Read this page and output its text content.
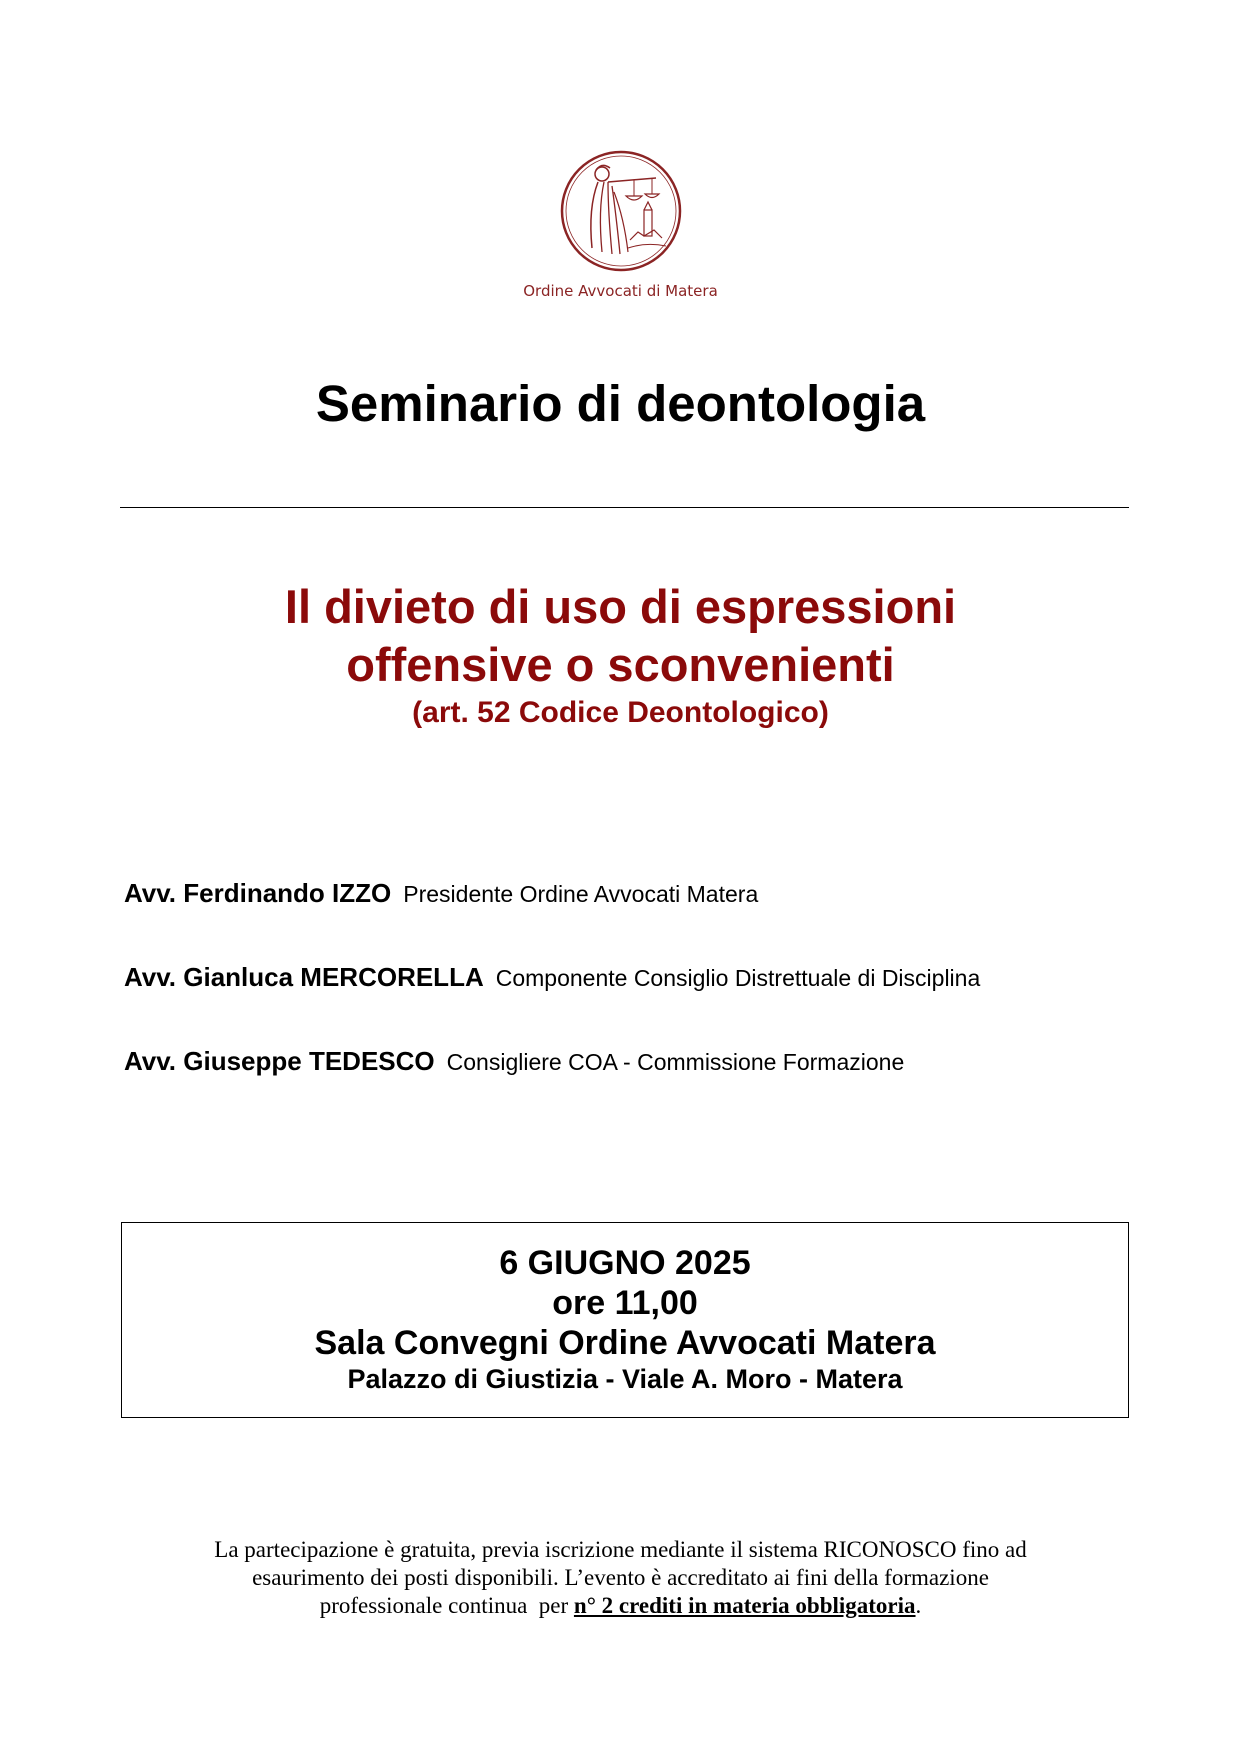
Ordine Avvocati di Matera
Seminario di deontologia
Il divieto di uso di espressioni
offensive o sconvenienti
(art. 52 Codice Deontologico)
Avv. Ferdinando IZZO Presidente Ordine Avvocati Matera
Avv. Gianluca MERCORELLA Componente Consiglio Distrettuale di Disciplina
Avv. Giuseppe TEDESCO Consigliere COA - Commissione Formazione
6 GIUGNO 2025
ore 11,00
Sala Convegni Ordine Avvocati Matera
Palazzo di Giustizia - Viale A. Moro - Matera
La partecipazione è gratuita, previa iscrizione mediante il sistema RICONOSCO fino ad
esaurimento dei posti disponibili. L’evento è accreditato ai fini della formazione
professionale continua  per n° 2 crediti in materia obbligatoria.
